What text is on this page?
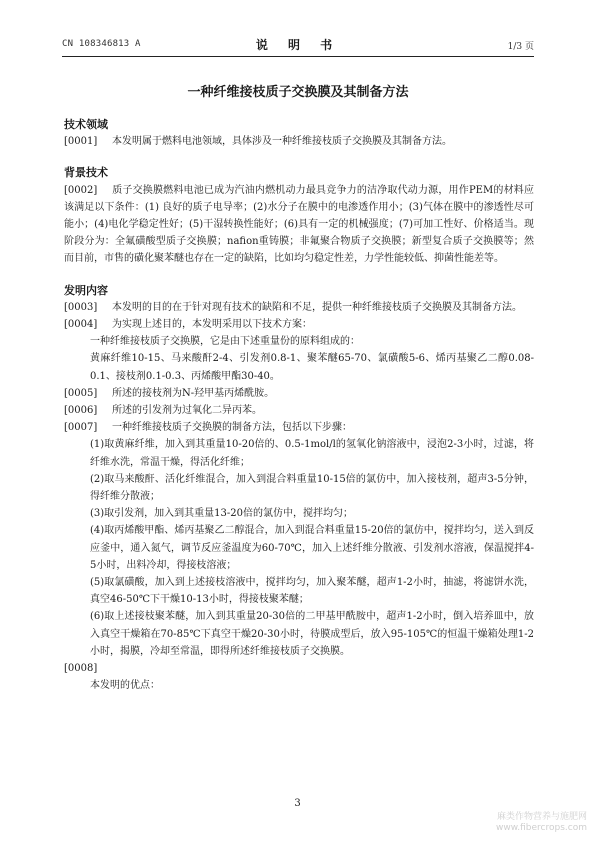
CN 108346813 A	说 明 书	1/3 页
一种纤维接枝质子交换膜及其制备方法
技术领域
[0001] 本发明属于燃料电池领域，具体涉及一种纤维接枝质子交换膜及其制备方法。
背景技术
[0002] 质子交换膜燃料电池已成为汽油内燃机动力最具竞争力的洁净取代动力源，用作PEM的材料应该满足以下条件：(1) 良好的质子电导率；(2)水分子在膜中的电渗透作用小；(3)气体在膜中的渗透性尽可能小；(4)电化学稳定性好；(5)干湿转换性能好；(6)具有一定的机械强度；(7)可加工性好、价格适当。现阶段分为：全氟磺酸型质子交换膜；nafion重铸膜；非氟聚合物质子交换膜；新型复合质子交换膜等；然而目前，市售的磺化聚苯醚也存在一定的缺陷，比如均匀稳定性差，力学性能较低、抑菌性能差等。
发明内容
[0003] 本发明的目的在于针对现有技术的缺陷和不足，提供一种纤维接枝质子交换膜及其制备方法。
[0004] 为实现上述目的，本发明采用以下技术方案：
一种纤维接枝质子交换膜，它是由下述重量份的原料组成的：
黄麻纤维10-15、马来酸酐2-4、引发剂0.8-1、聚苯醚65-70、氯磺酸5-6、烯丙基聚乙二醇0.08-0.1、接枝剂0.1-0.3、丙烯酸甲酯30-40。
[0005] 所述的接枝剂为N-羟甲基丙烯酰胺。
[0006] 所述的引发剂为过氧化二异丙苯。
[0007] 一种纤维接枝质子交换膜的制备方法，包括以下步骤：
(1)取黄麻纤维，加入到其重量10-20倍的、0.5-1mol/l的氢氧化钠溶液中，浸泡2-3小时，过滤，将纤维水洗，常温干燥，得活化纤维；
(2)取马来酸酐、活化纤维混合，加入到混合料重量10-15倍的氯仿中，加入接枝剂，超声3-5分钟，得纤维分散液；
(3)取引发剂，加入到其重量13-20倍的氯仿中，搅拌均匀；
(4)取丙烯酸甲酯、烯丙基聚乙二醇混合，加入到混合料重量15-20倍的氯仿中，搅拌均匀，送入到反应釜中，通入氮气，调节反应釜温度为60-70℃，加入上述纤维分散液、引发剂水溶液，保温搅拌4-5小时，出料冷却，得接枝溶液；
(5)取氯磺酸，加入到上述接枝溶液中，搅拌均匀，加入聚苯醚，超声1-2小时，抽滤，将滤饼水洗，真空46-50℃下干燥10-13小时，得接枝聚苯醚；
(6)取上述接枝聚苯醚，加入到其重量20-30倍的二甲基甲酰胺中，超声1-2小时，倒入培养皿中，放入真空干燥箱在70-85℃下真空干燥20-30小时，待膜成型后，放入95-105℃的恒温干燥箱处理1-2小时，揭膜，冷却至常温，即得所述纤维接枝质子交换膜。
[0008]
本发明的优点：
3
麻类作物营养与施肥网
www.fibercrops.com
